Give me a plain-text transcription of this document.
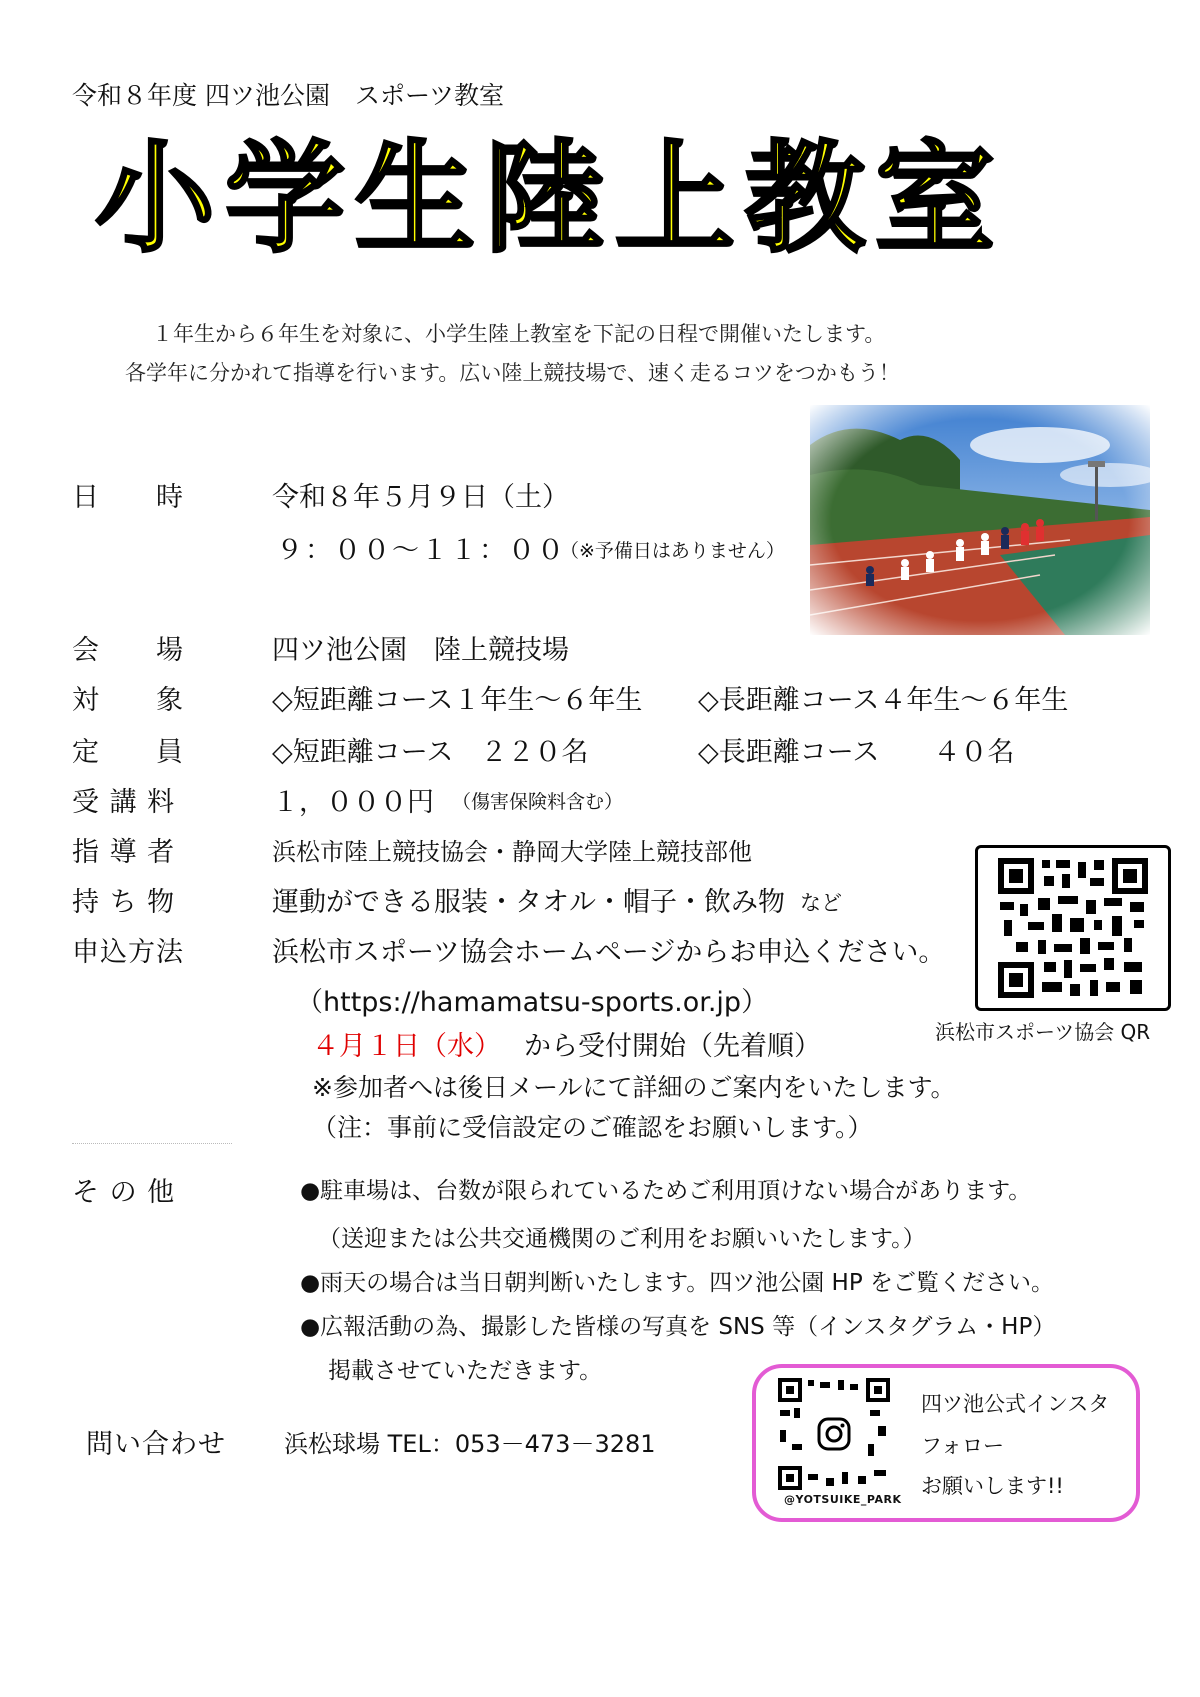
令和８年度 四ツ池公園　スポーツ教室
小学生陸上教室
１年生から６年生を対象に、小学生陸上教室を下記の日程で開催いたします。
各学年に分かれて指導を行います。広い陸上競技場で、速く走るコツをつかもう！
日　　時	令和８年５月９日（土）
９：００～１１：００
（※予備日はありません）
会　　場	四ツ池公園　陸上競技場
対　　象	◇短距離コース１年生～６年生 ◇長距離コース４年生～６年生
定　　員	◇短距離コース　２２０名	◇長距離コース　　４０名
受 講 料	１，０００円 （傷害保険料含む）
指 導 者	浜松市陸上競技協会・静岡大学陸上競技部他
持 ち 物	運動ができる服装・タオル・帽子・飲み物 など
申込方法	浜松市スポーツ協会ホームページからお申込ください。
（https://hamamatsu-sports.or.jp）
４月１日（水） から受付開始（先着順）
※参加者へは後日メールにて詳細のご案内をいたします。
（注：事前に受信設定のご確認をお願いします。）
浜松市スポーツ協会 QR
そ の 他	●駐車場は、台数が限られているためご利用頂けない場合があります。
（送迎または公共交通機関のご利用をお願いいたします。）
●雨天の場合は当日朝判断いたします。四ツ池公園 HP をご覧ください。
●広報活動の為、撮影した皆様の写真を SNS 等（インスタグラム・HP）
掲載させていただきます。
問い合わせ 浜松球場 TEL：053－473－3281
@YOTSUIKE_PARK
四ツ池公式インスタ
フォロー
お願いします!!
